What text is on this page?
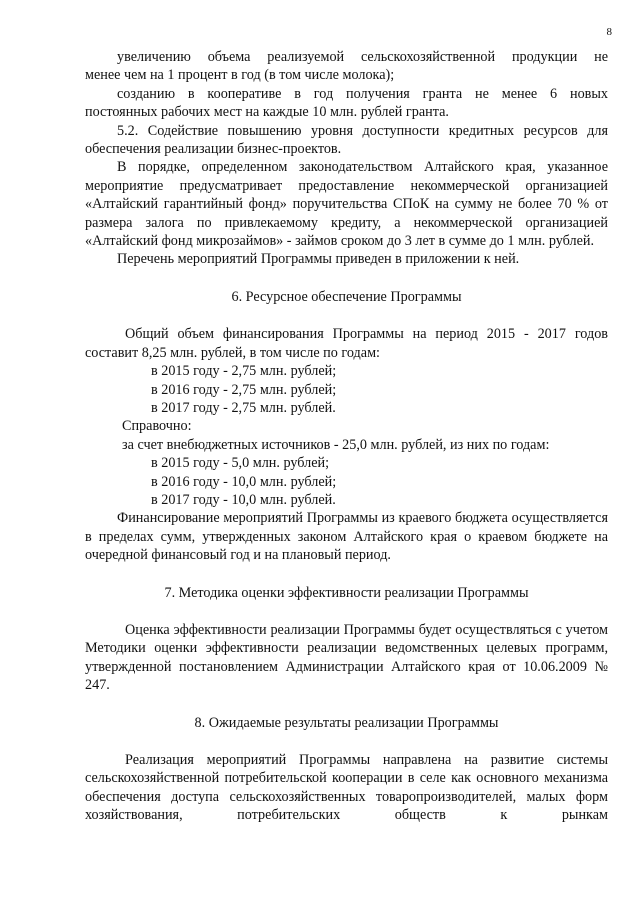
8

увеличению объема реализуемой сельскохозяйственной продукции не

менее чем на 1 процент в год (в том числе молока);

созданию в кооперативе в год получения гранта не менее 6 новых

постоянных рабочих мест на каждые 10 млн. рублей гранта.

5.2. Содействие повышению уровня доступности кредитных ресурсов для обеспечения реализации бизнес-проектов.

В порядке, определенном законодательством Алтайского края, указанное мероприятие предусматривает предоставление некоммерческой организацией «Алтайский гарантийный фонд» поручительства СПоК на сумму не более 70 % от размера залога по привлекаемому кредиту, а некоммерческой организацией «Алтайский фонд микрозаймов» - займов сроком до 3 лет в сумме до 1 млн. рублей.

Перечень мероприятий Программы приведен в приложении к ней.

6. Ресурсное обеспечение Программы

Общий объем финансирования Программы на период 2015 - 2017 годов составит 8,25 млн. рублей, в том числе по годам:

в 2015 году - 2,75 млн. рублей;

в 2016 году - 2,75 млн. рублей;

в 2017 году - 2,75 млн. рублей.

Справочно:

за счет внебюджетных источников - 25,0 млн. рублей, из них по годам:

в 2015 году - 5,0 млн. рублей;

в 2016 году - 10,0 млн. рублей;

в 2017 году - 10,0 млн. рублей.

Финансирование мероприятий Программы из краевого бюджета осуществляется в пределах сумм, утвержденных законом Алтайского края о краевом бюджете на очередной финансовый год и на плановый период.

7. Методика оценки эффективности реализации Программы

Оценка эффективности реализации Программы будет осуществляться с учетом Методики оценки эффективности реализации ведомственных целевых программ, утвержденной постановлением Администрации Алтайского края от 10.06.2009 № 247.

8. Ожидаемые результаты реализации Программы

Реализация мероприятий Программы направлена на развитие системы сельскохозяйственной потребительской кооперации в селе как основного механизма обеспечения доступа сельскохозяйственных товаропроизводителей, малых форм хозяйствования, потребительских обществ к рынкам
